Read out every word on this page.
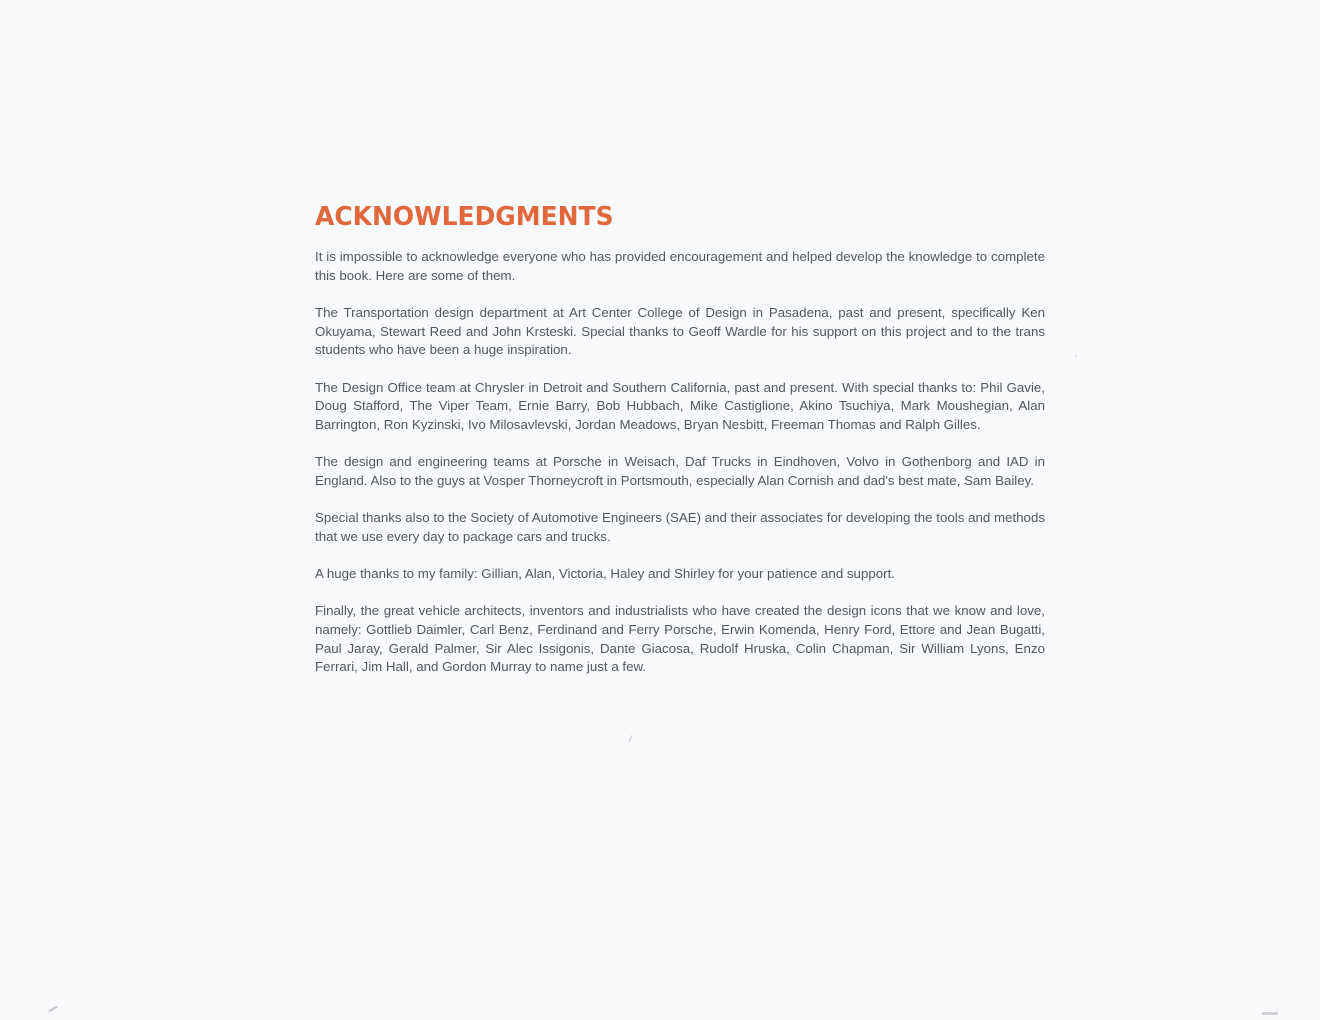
ACKNOWLEDGMENTS

It is impossible to acknowledge everyone who has provided encouragement and helped develop the knowledge to complete this book. Here are some of them.

The Transportation design department at Art Center College of Design in Pasadena, past and present, specifically Ken Okuyama, Stewart Reed and John Krsteski. Special thanks to Geoff Wardle for his support on this project and to the trans students who have been a huge inspiration.

The Design Office team at Chrysler in Detroit and Southern California, past and present. With special thanks to: Phil Gavie, Doug Stafford, The Viper Team, Ernie Barry, Bob Hubbach, Mike Castiglione, Akino Tsuchiya, Mark Moushegian, Alan Barrington, Ron Kyzinski, Ivo Milosavlevski, Jordan Meadows, Bryan Nesbitt, Freeman Thomas and Ralph Gilles.

The design and engineering teams at Porsche in Weisach, Daf Trucks in Eindhoven, Volvo in Gothenborg and IAD in England. Also to the guys at Vosper Thorneycroft in Portsmouth, especially Alan Cornish and dad's best mate, Sam Bailey.

Special thanks also to the Society of Automotive Engineers (SAE) and their associates for developing the tools and methods that we use every day to package cars and trucks.

A huge thanks to my family: Gillian, Alan, Victoria, Haley and Shirley for your patience and support.

Finally, the great vehicle architects, inventors and industrialists who have created the design icons that we know and love, namely: Gottlieb Daimler, Carl Benz, Ferdinand and Ferry Porsche, Erwin Komenda, Henry Ford, Ettore and Jean Bugatti, Paul Jaray, Gerald Palmer, Sir Alec Issigonis, Dante Giacosa, Rudolf Hruska, Colin Chapman, Sir William Lyons, Enzo Ferrari, Jim Hall, and Gordon Murray to name just a few.
